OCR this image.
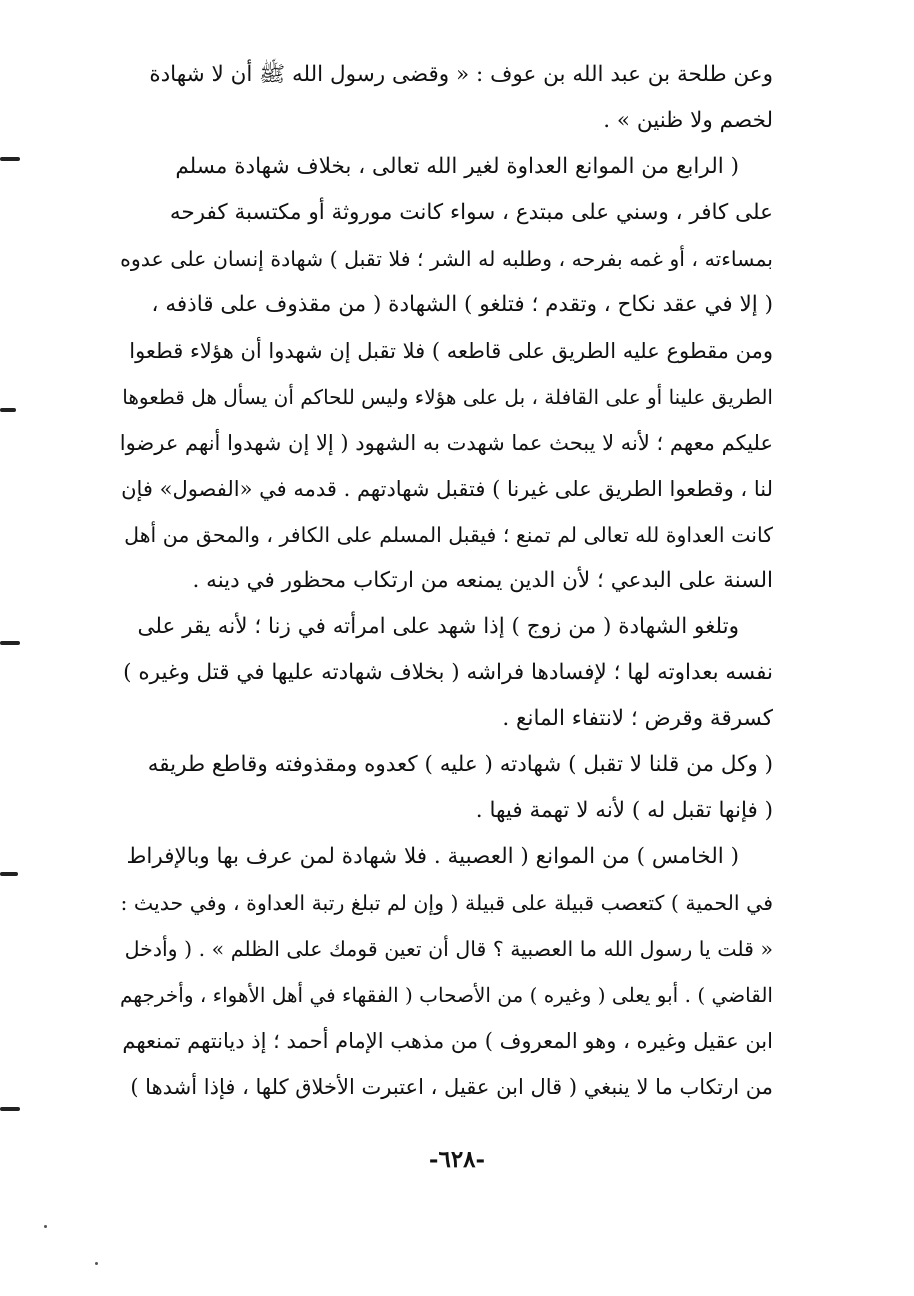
وعن طلحة بن عبد الله بن عوف : « وقضى رسول الله ﷺ أن لا شهادة
لخصم ولا ظنين » .
( الرابع من الموانع العداوة لغير الله تعالى ، بخلاف شهادة مسلم
على كافر ، وسني على مبتدع ، سواء كانت موروثة أو مكتسبة كفرحه
بمساءته ، أو غمه بفرحه ، وطلبه له الشر ؛ فلا تقبل ) شهادة إنسان على عدوه
( إلا في عقد نكاح ، وتقدم ؛ فتلغو ) الشهادة ( من مقذوف على قاذفه ،
ومن مقطوع عليه الطريق على قاطعه ) فلا تقبل إن شهدوا أن هؤلاء قطعوا
الطريق علينا أو على القافلة ، بل على هؤلاء وليس للحاكم أن يسأل هل قطعوها
عليكم معهم ؛ لأنه لا يبحث عما شهدت به الشهود ( إلا إن شهدوا أنهم عرضوا
لنا ، وقطعوا الطريق على غيرنا ) فتقبل شهادتهم . قدمه في «الفصول» فإن
كانت العداوة لله تعالى لم تمنع ؛ فيقبل المسلم على الكافر ، والمحق من أهل
السنة على البدعي ؛ لأن الدين يمنعه من ارتكاب محظور في دينه .
وتلغو الشهادة ( من زوج ) إذا شهد على امرأته في زنا ؛ لأنه يقر على
نفسه بعداوته لها ؛ لإفسادها فراشه ( بخلاف شهادته عليها في قتل وغيره )
كسرقة وقرض ؛ لانتفاء المانع .
( وكل من قلنا لا تقبل ) شهادته ( عليه ) كعدوه ومقذوفته وقاطع طريقه
( فإنها تقبل له ) لأنه لا تهمة فيها .
( الخامس ) من الموانع ( العصبية . فلا شهادة لمن عرف بها وبالإفراط
في الحمية ) كتعصب قبيلة على قبيلة ( وإن لم تبلغ رتبة العداوة ، وفي حديث :
« قلت يا رسول الله ما العصبية ؟ قال أن تعين قومك على الظلم » . ( وأدخل
القاضي ) . أبو يعلى ( وغيره ) من الأصحاب ( الفقهاء في أهل الأهواء ، وأخرجهم
ابن عقيل وغيره ، وهو المعروف ) من مذهب الإمام أحمد ؛ إذ ديانتهم تمنعهم
من ارتكاب ما لا ينبغي ( قال ابن عقيل ، اعتبرت الأخلاق كلها ، فإذا أشدها )
-٦٢٨-
